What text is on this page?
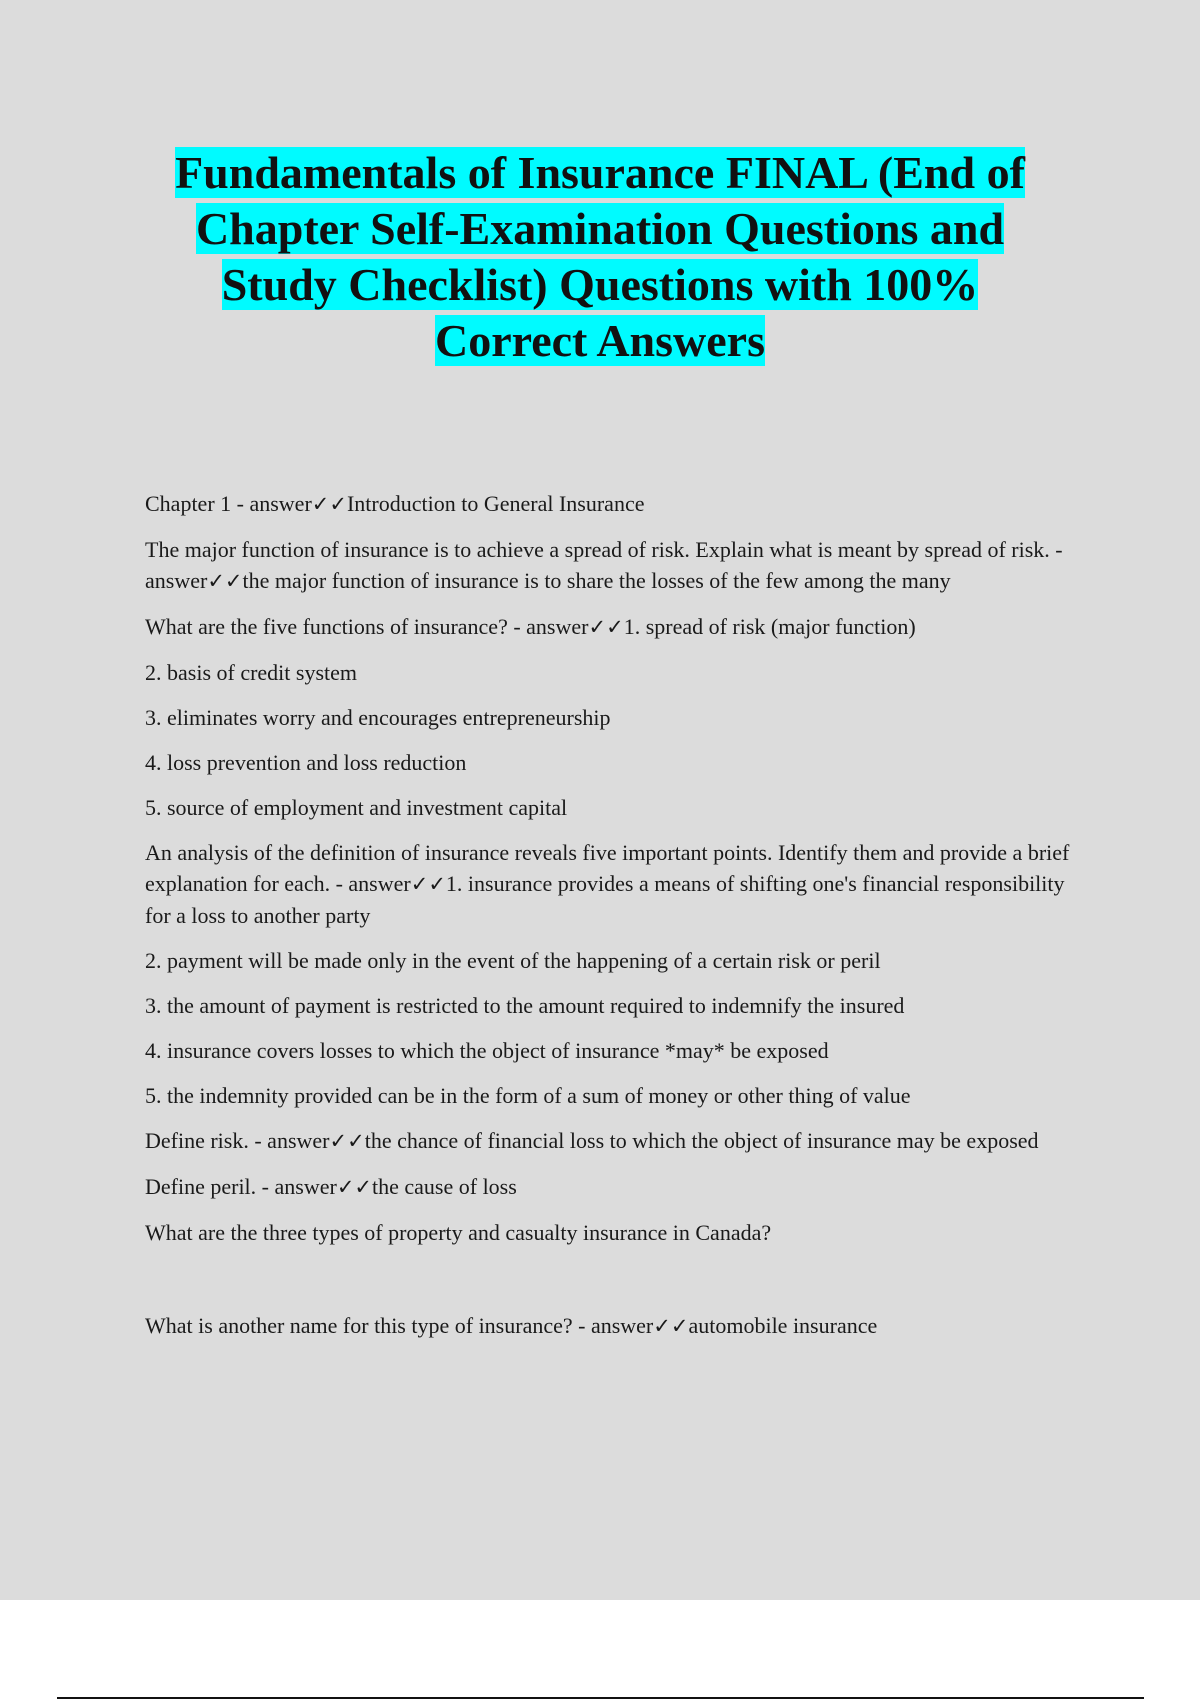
Fundamentals of Insurance FINAL (End of
Chapter Self-Examination Questions and
Study Checklist) Questions with 100%
Correct Answers

Chapter 1 - answer✓✓Introduction to General Insurance

The major function of insurance is to achieve a spread of risk. Explain what is meant by spread of risk. - answer✓✓the major function of insurance is to share the losses of the few among the many

What are the five functions of insurance? - answer✓✓1. spread of risk (major function)

2. basis of credit system

3. eliminates worry and encourages entrepreneurship

4. loss prevention and loss reduction

5. source of employment and investment capital

An analysis of the definition of insurance reveals five important points. Identify them and provide a brief explanation for each. - answer✓✓1. insurance provides a means of shifting one's financial responsibility for a loss to another party

2. payment will be made only in the event of the happening of a certain risk or peril

3. the amount of payment is restricted to the amount required to indemnify the insured

4. insurance covers losses to which the object of insurance *may* be exposed

5. the indemnity provided can be in the form of a sum of money or other thing of value

Define risk. - answer✓✓the chance of financial loss to which the object of insurance may be exposed

Define peril. - answer✓✓the cause of loss

What are the three types of property and casualty insurance in Canada?

What is another name for this type of insurance? - answer✓✓automobile insurance
